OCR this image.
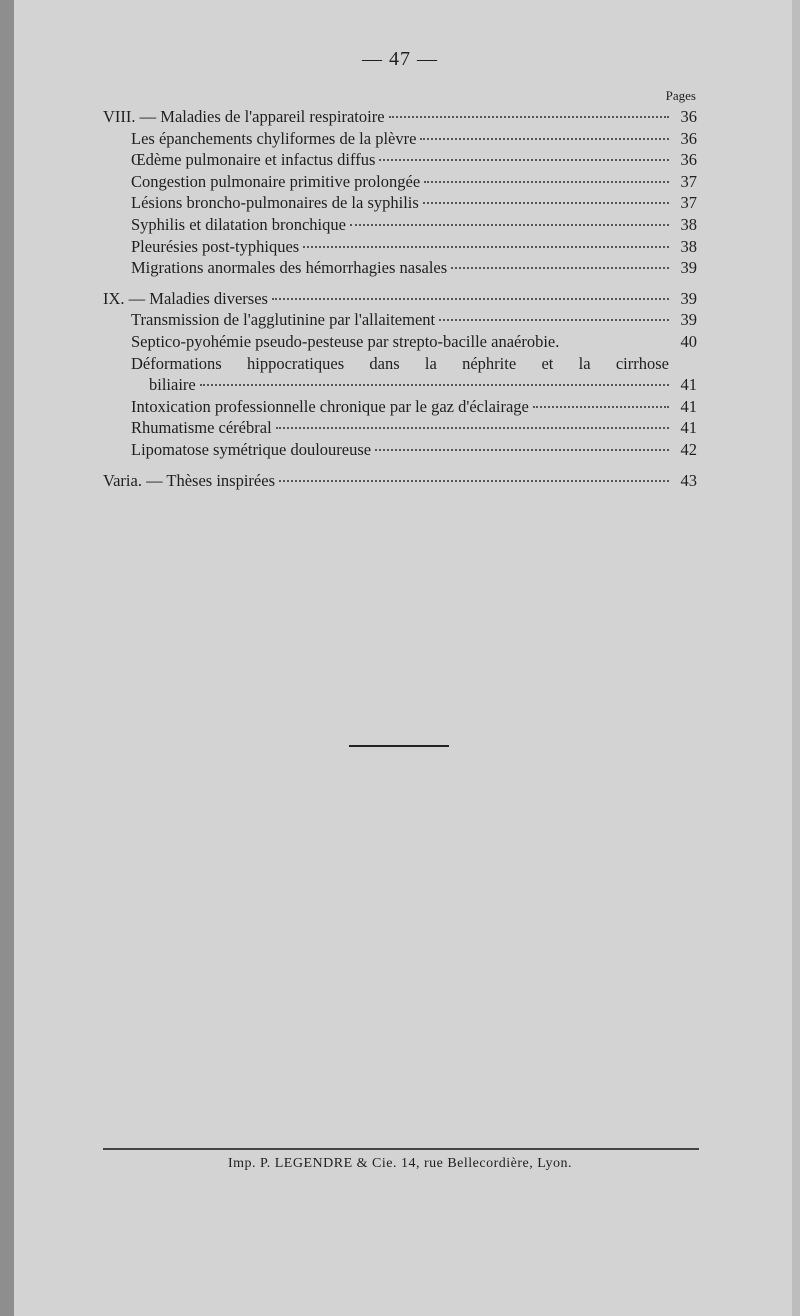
— 47 —
Pages
VIII. — Maladies de l'appareil respiratoire	36
Les épanchements chyliformes de la plèvre	36
Œdème pulmonaire et infactus diffus	36
Congestion pulmonaire primitive prolongée	37
Lésions broncho-pulmonaires de la syphilis	37
Syphilis et dilatation bronchique	38
Pleurésies post-typhiques	38
Migrations anormales des hémorrhagies nasales	39
IX. — Maladies diverses	39
Transmission de l'agglutinine par l'allaitement	39
Septico-pyohémie pseudo-pesteuse par strepto-bacille anaérobie.	40
Déformations hippocratiques dans la néphrite et la cirrhose
biliaire	41
Intoxication professionnelle chronique par le gaz d'éclairage	41
Rhumatisme cérébral	41
Lipomatose symétrique douloureuse	42
Varia. — Thèses inspirées	43
Imp. P. LEGENDRE & Cie. 14, rue Bellecordière, Lyon.
